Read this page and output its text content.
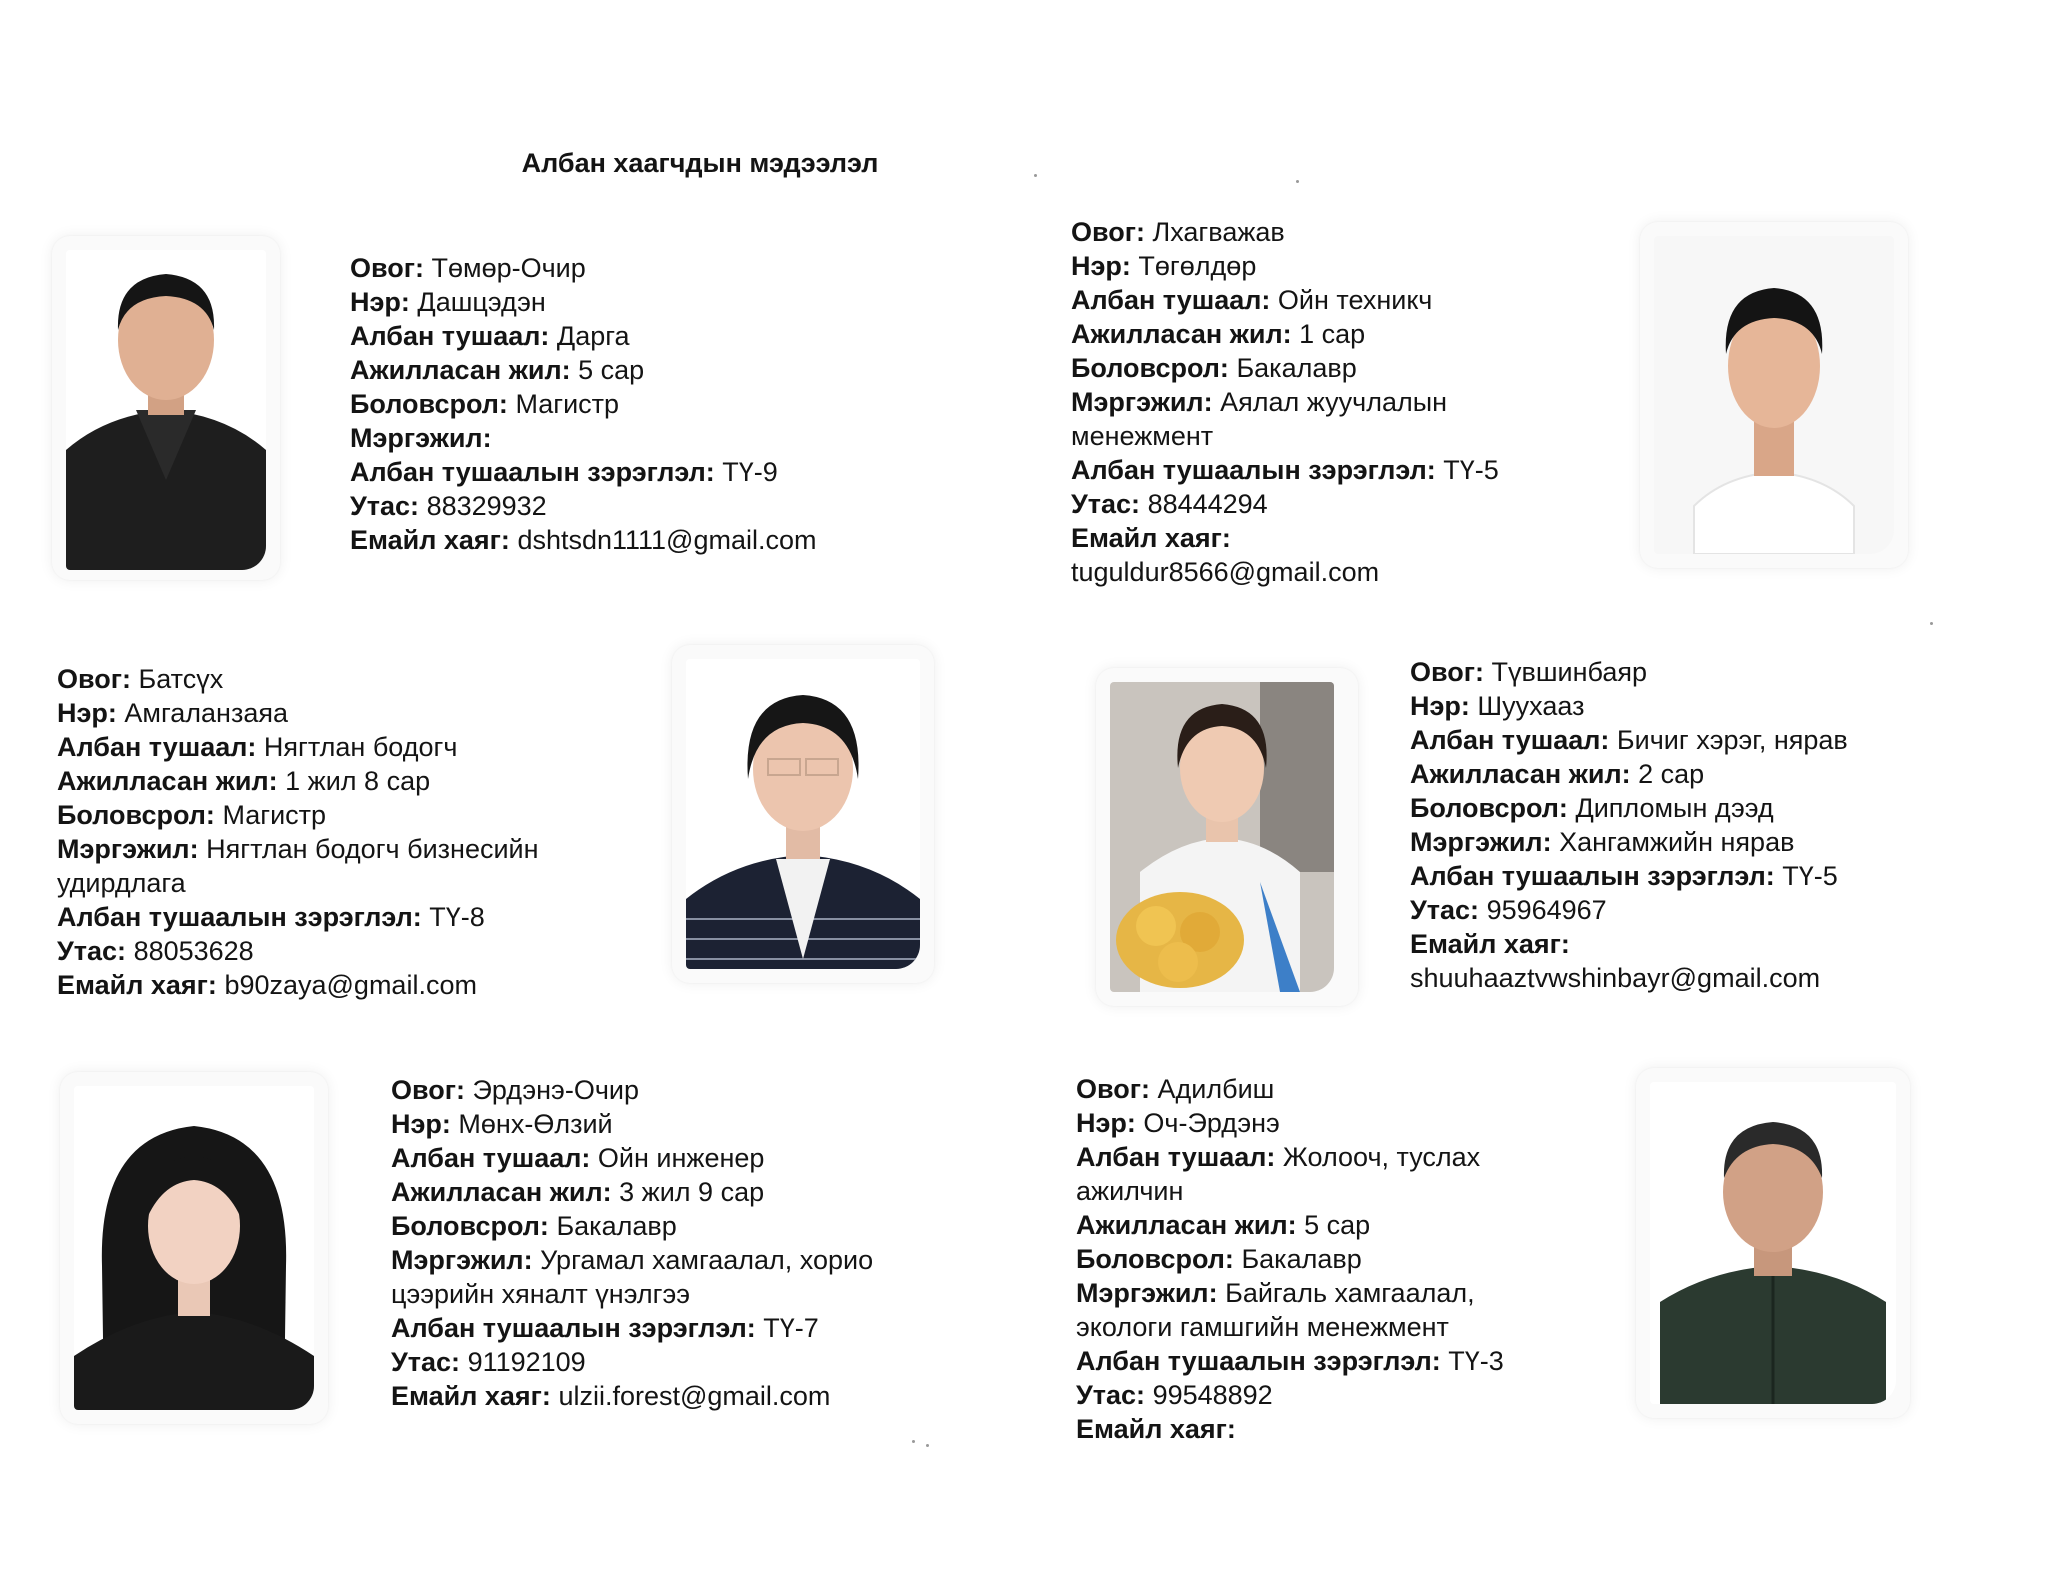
Албан хаагчдын мэдээлэл
Овог: Төмөр-Очир
Нэр: Дашцэдэн
Албан тушаал: Дарга
Ажилласан жил: 5 сар
Боловсрол: Магистр
Мэргэжил:
Албан тушаалын зэрэглэл: ТҮ-9
Утас: 88329932
Емайл хаяг: dshtsdn1111@gmail.com
Овог: Лхагважав
Нэр: Төгөлдөр
Албан тушаал: Ойн техникч
Ажилласан жил: 1 сар
Боловсрол: Бакалавр
Мэргэжил: Аялал жуучлалын менежмент
Албан тушаалын зэрэглэл: ТҮ-5
Утас: 88444294
Емайл хаяг: tuguldur8566@gmail.com
Овог: Батсүх
Нэр: Амгаланзаяа
Албан тушаал: Нягтлан бодогч
Ажилласан жил: 1 жил 8 сар
Боловсрол: Магистр
Мэргэжил: Нягтлан бодогч бизнесийн удирдлага
Албан тушаалын зэрэглэл: ТҮ-8
Утас: 88053628
Емайл хаяг: b90zaya@gmail.com
Овог: Түвшинбаяр
Нэр: Шуухааз
Албан тушаал: Бичиг хэрэг, нярав
Ажилласан жил: 2 сар
Боловсрол: Дипломын дээд
Мэргэжил: Хангамжийн нярав
Албан тушаалын зэрэглэл: ТҮ-5
Утас: 95964967
Емайл хаяг:
shuuhaaztvwshinbayr@gmail.com
Овог: Эрдэнэ-Очир
Нэр: Мөнх-Өлзий
Албан тушаал: Ойн инженер
Ажилласан жил: 3 жил 9 сар
Боловсрол: Бакалавр
Мэргэжил: Ургамал хамгаалал, хорио цээрийн хяналт үнэлгээ
Албан тушаалын зэрэглэл: ТҮ-7
Утас: 91192109
Емайл хаяг: ulzii.forest@gmail.com
Овог: Адилбиш
Нэр: Оч-Эрдэнэ
Албан тушаал: Жолооч, туслах ажилчин
Ажилласан жил: 5 сар
Боловсрол: Бакалавр
Мэргэжил: Байгаль хамгаалал, экологи гамшгийн менежмент
Албан тушаалын зэрэглэл: ТҮ-3
Утас: 99548892
Емайл хаяг:
